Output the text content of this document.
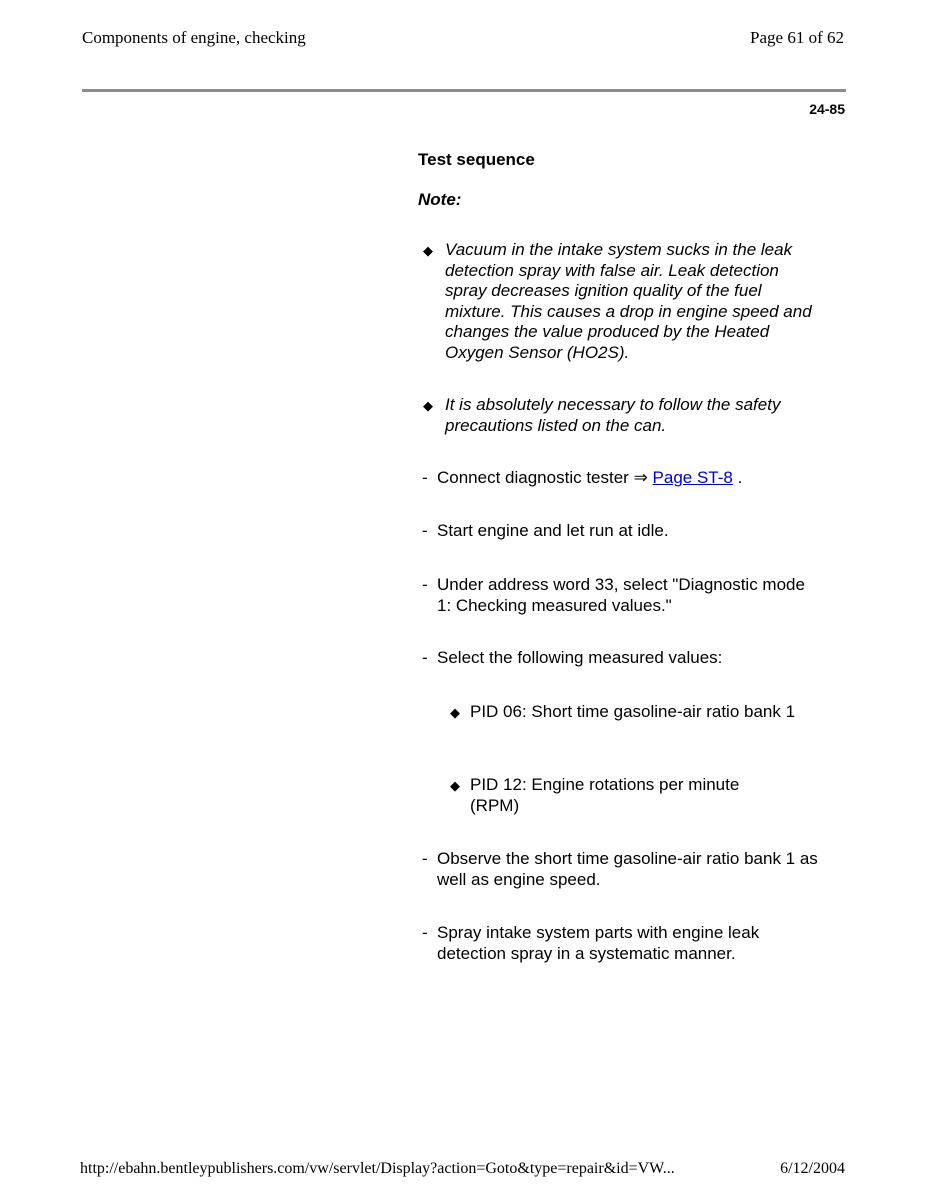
Components of engine, checking	Page 61 of 62
24-85
Test sequence
Note:
◆ Vacuum in the intake system sucks in the leak detection spray with false air. Leak detection spray decreases ignition quality of the fuel mixture. This causes a drop in engine speed and changes the value produced by the Heated Oxygen Sensor (HO2S).
◆ It is absolutely necessary to follow the safety precautions listed on the can.
- Connect diagnostic tester ⇒ Page ST-8 .
- Start engine and let run at idle.
- Under address word 33, select "Diagnostic mode 1: Checking measured values."
- Select the following measured values:
◆ PID 06: Short time gasoline-air ratio bank 1
◆ PID 12: Engine rotations per minute (RPM)
- Observe the short time gasoline-air ratio bank 1 as well as engine speed.
- Spray intake system parts with engine leak detection spray in a systematic manner.
http://ebahn.bentleypublishers.com/vw/servlet/Display?action=Goto&type=repair&id=VW...	6/12/2004
